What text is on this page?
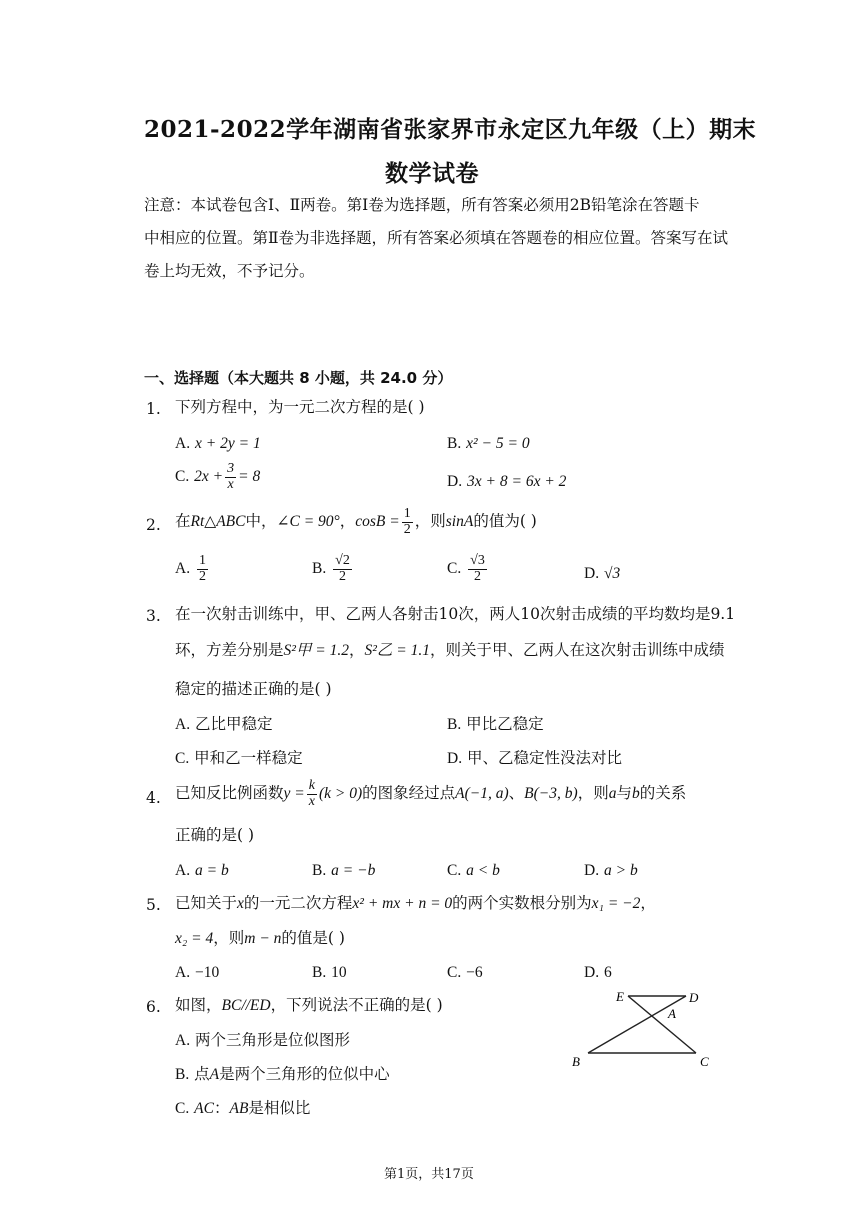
2021-2022学年湖南省张家界市永定区九年级（上）期末
数学试卷
注意：本试卷包含Ⅰ、Ⅱ两卷。第Ⅰ卷为选择题，所有答案必须用2B铅笔涂在答题卡
中相应的位置。第Ⅱ卷为非选择题，所有答案必须填在答题卷的相应位置。答案写在试
卷上均无效，不予记分。
一、选择题（本大题共 8 小题，共 24.0 分）
1. 下列方程中，为一元二次方程的是( )
A. x + 2y = 1	B. x² − 5 = 0
C. $2x + \frac{3}{x} = 8$	D. 3x + 8 = 6x + 2
2. 在Rt△ABC中，∠C = 90°，$\cos B = \frac{1}{2}$ ，则sinA的值为( )
A. $\frac{1}{2}$	B. $\frac{√2}{2}$	C. $\frac{√3}{2}$	D. √3
3. 在一次射击训练中，甲、乙两人各射击10次，两人10次射击成绩的平均数均是9.1
环，方差分别是S²甲 = 1.2，S²乙 = 1.1，则关于甲、乙两人在这次射击训练中成绩
稳定的描述正确的是( )
A. 乙比甲稳定	B. 甲比乙稳定
C. 甲和乙一样稳定	D. 甲、乙稳定性没法对比
4. 已知反比例函数$y = \frac{k}{x} (k > 0)$的图象经过点A(−1, a)、B(−3, b)，则a与b的关系
正确的是( )
A. a = b	B. a = −b	C. a < b	D. a > b
5. 已知关于x的一元二次方程x² + mx + n = 0的两个实数根分别为x₁ = −2，
x₂ = 4，则m − n的值是( )
A. −10	B. 10	C. −6	D. 6
6. 如图，BC//ED，下列说法不正确的是( )
A. 两个三角形是位似图形
B. 点A是两个三角形的位似中心
C. AC：AB是相似比
E	D
A
B	C
第1页，共17页
